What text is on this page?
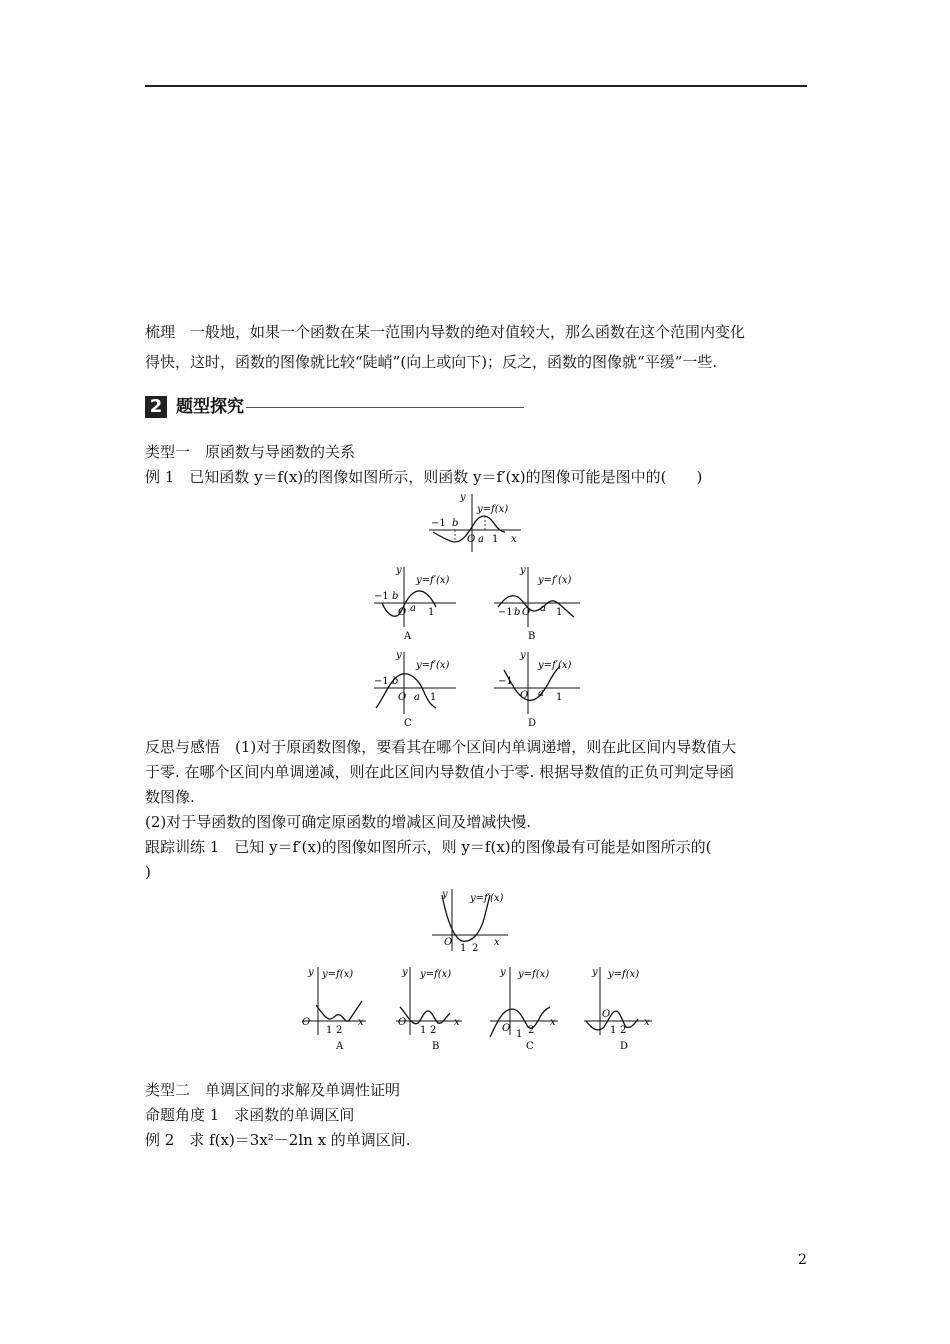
梳理　一般地，如果一个函数在某一范围内导数的绝对值较大，那么函数在这个范围内变化
得快，这时，函数的图像就比较“陡峭”(向上或向下)；反之，函数的图像就“平缓”一些.
2 题型探究
类型一　原函数与导函数的关系
例 1　已知函数 y＝f(x)的图像如图所示，则函数 y＝f′(x)的图像可能是图中的(　　)
y
y=f(x)
−1 b
O a 1 x
y
y=f′(x)
−1 b
O a 1
A
y
y=f′(x)
−1 b O a 1
B
y
y=f′(x)
−1 b
O a 1
C
y
y=f′(x)
−1
O a 1
D
反思与感悟　(1)对于原函数图像，要看其在哪个区间内单调递增，则在此区间内导数值大
于零. 在哪个区间内单调递减，则在此区间内导数值小于零. 根据导数值的正负可判定导函
数图像.
(2)对于导函数的图像可确定原函数的增减区间及增减快慢.
跟踪训练 1　已知 y＝f′(x)的图像如图所示，则 y＝f(x)的图像最有可能是如图所示的(
)
y y=f′(x)
O
1 2
x
y y=f(x)
O
1 2
x
A
y y=f(x)
O
1 2
x
B
y y=f(x)
O
1 2
x
C
y y=f(x)
O
1 2
x
D
类型二　单调区间的求解及单调性证明
命题角度 1　求函数的单调区间
例 2　求 f(x)＝3x²－2ln x 的单调区间.
2
